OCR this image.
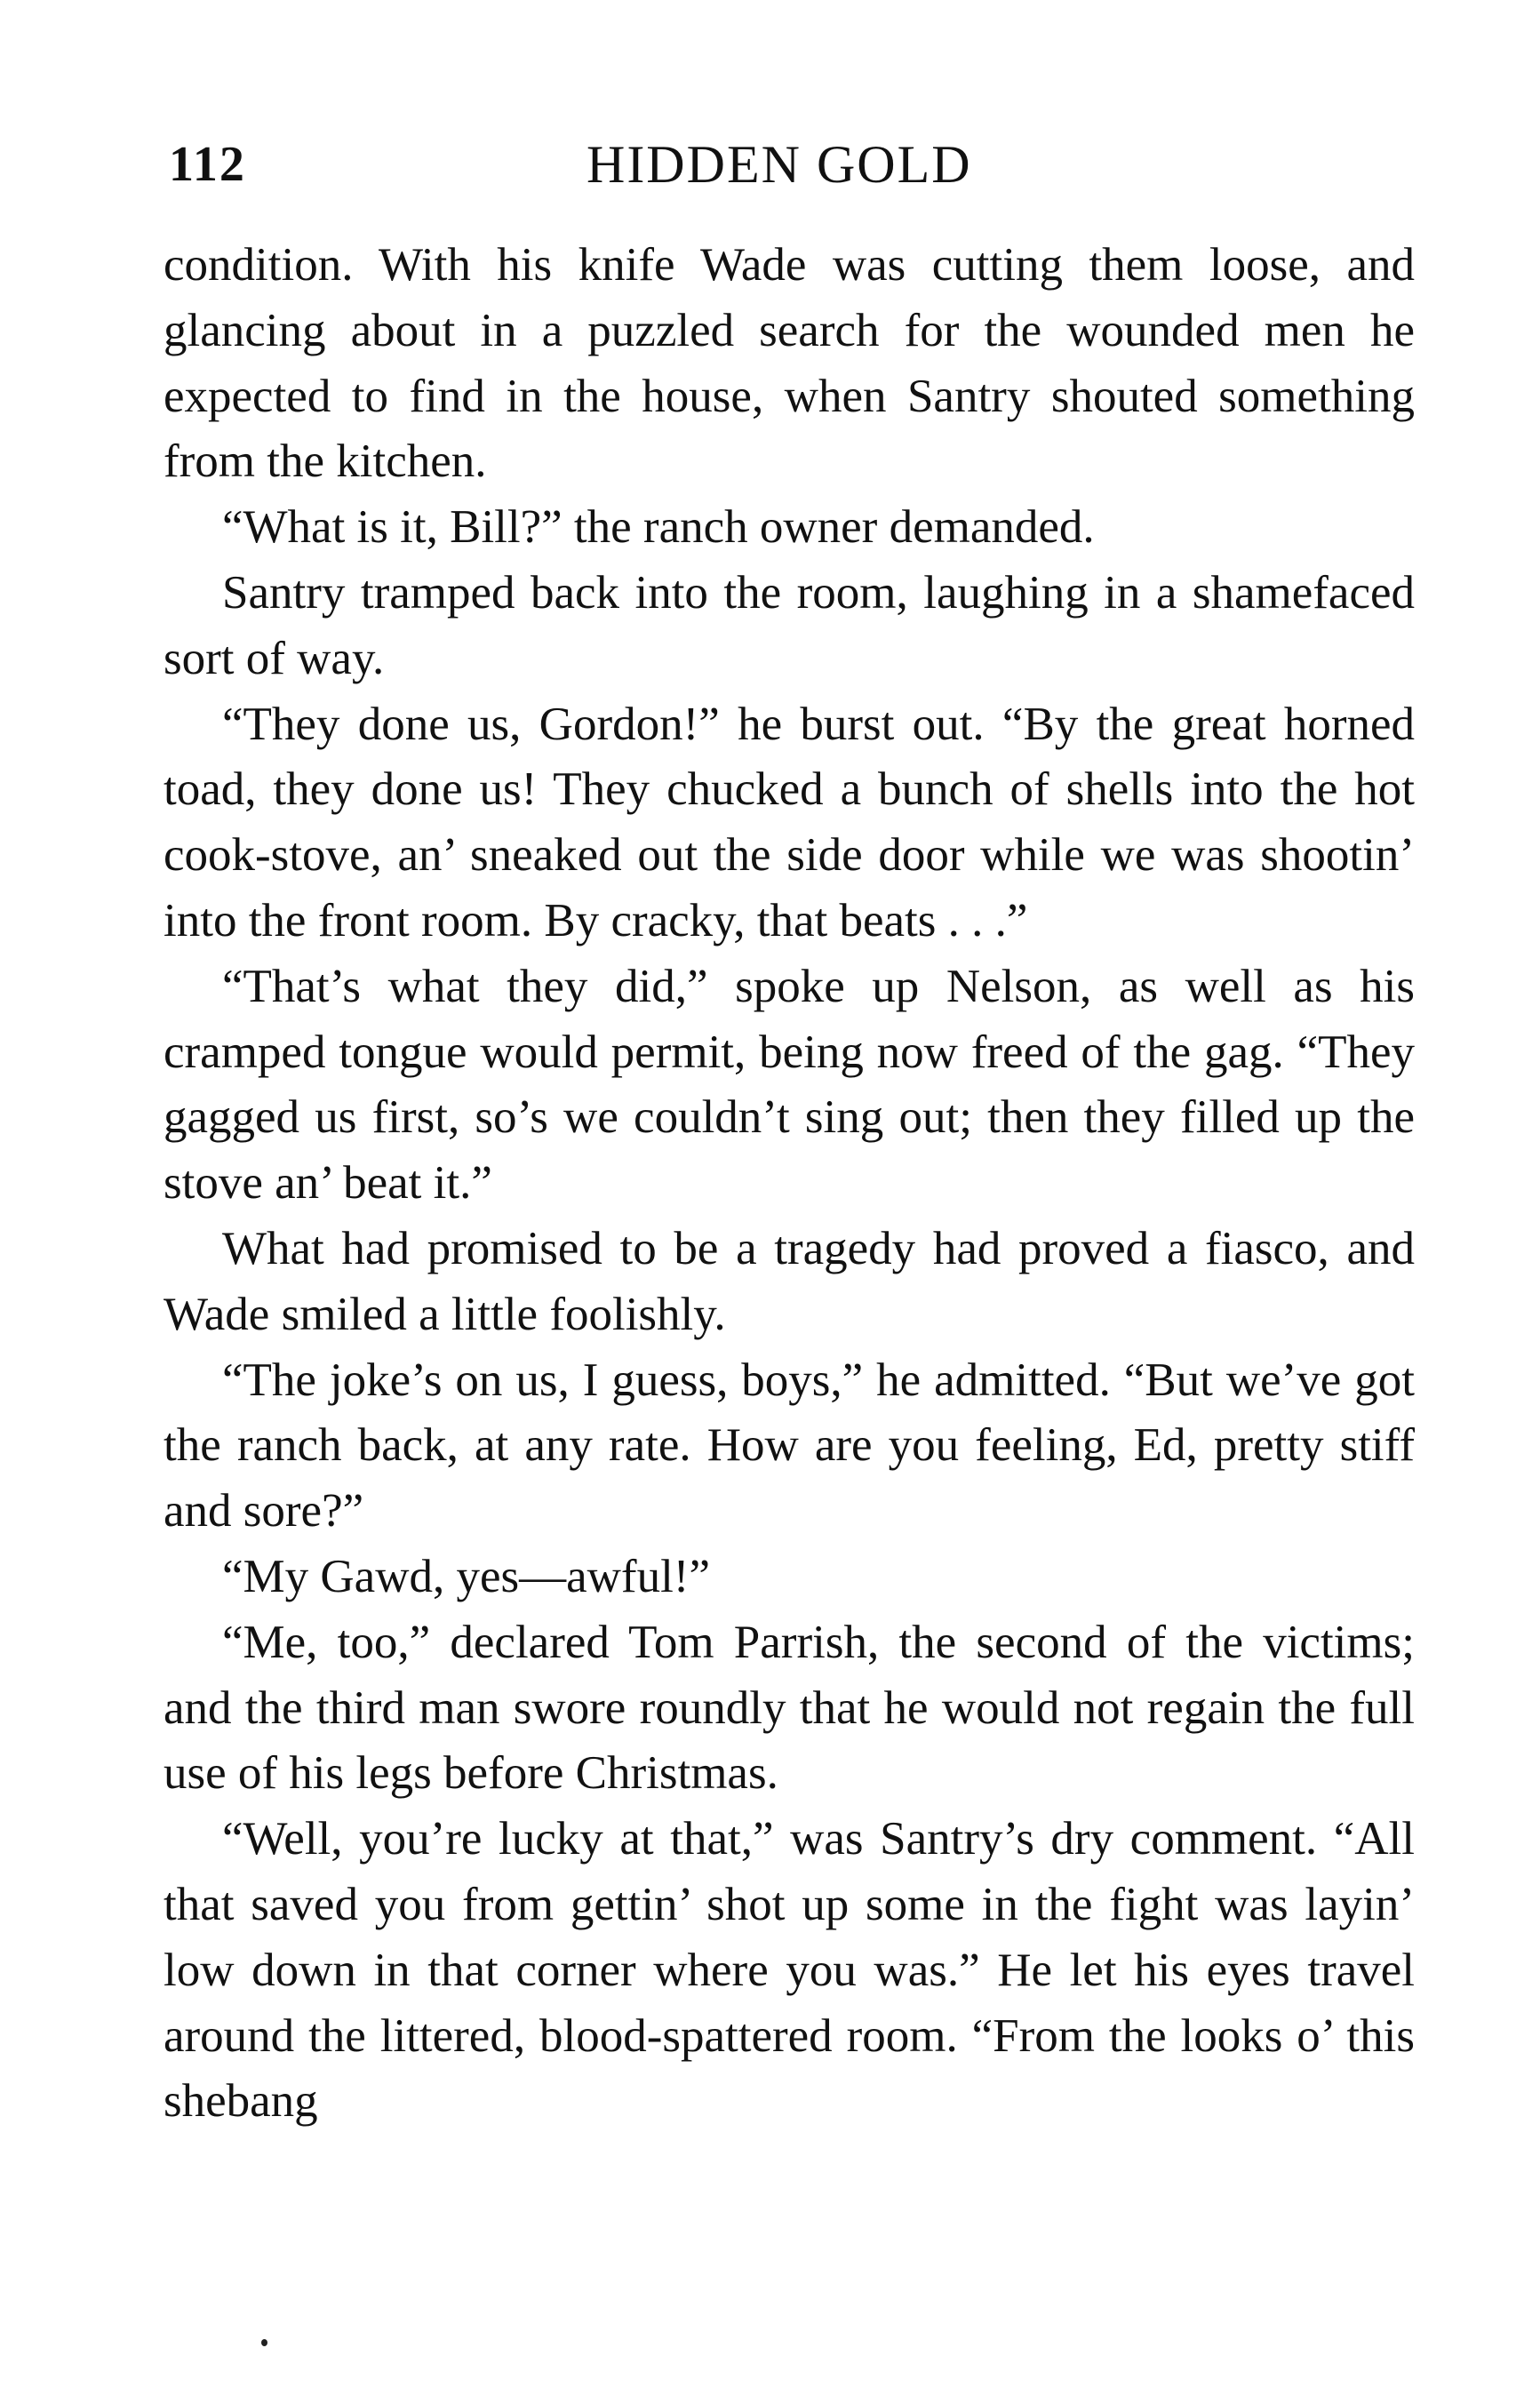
112	HIDDEN GOLD

condition. With his knife Wade was cutting them loose, and glancing about in a puzzled search for the wounded men he expected to find in the house, when Santry shouted something from the kitchen.

“What is it, Bill?” the ranch owner demanded.

Santry tramped back into the room, laughing in a shamefaced sort of way.

“They done us, Gordon!” he burst out. “By the great horned toad, they done us! They chucked a bunch of shells into the hot cook-stove, an’ sneaked out the side door while we was shootin’ into the front room. By cracky, that beats . . .”

“That’s what they did,” spoke up Nelson, as well as his cramped tongue would permit, being now freed of the gag. “They gagged us first, so’s we couldn’t sing out; then they filled up the stove an’ beat it.”

What had promised to be a tragedy had proved a fiasco, and Wade smiled a little foolishly.

“The joke’s on us, I guess, boys,” he admitted. “But we’ve got the ranch back, at any rate. How are you feeling, Ed, pretty stiff and sore?”

“My Gawd, yes—awful!”

“Me, too,” declared Tom Parrish, the second of the victims; and the third man swore roundly that he would not regain the full use of his legs before Christmas.

“Well, you’re lucky at that,” was Santry’s dry comment. “All that saved you from gettin’ shot up some in the fight was layin’ low down in that corner where you was.” He let his eyes travel around the littered, blood-spattered room. “From the looks o’ this shebang
